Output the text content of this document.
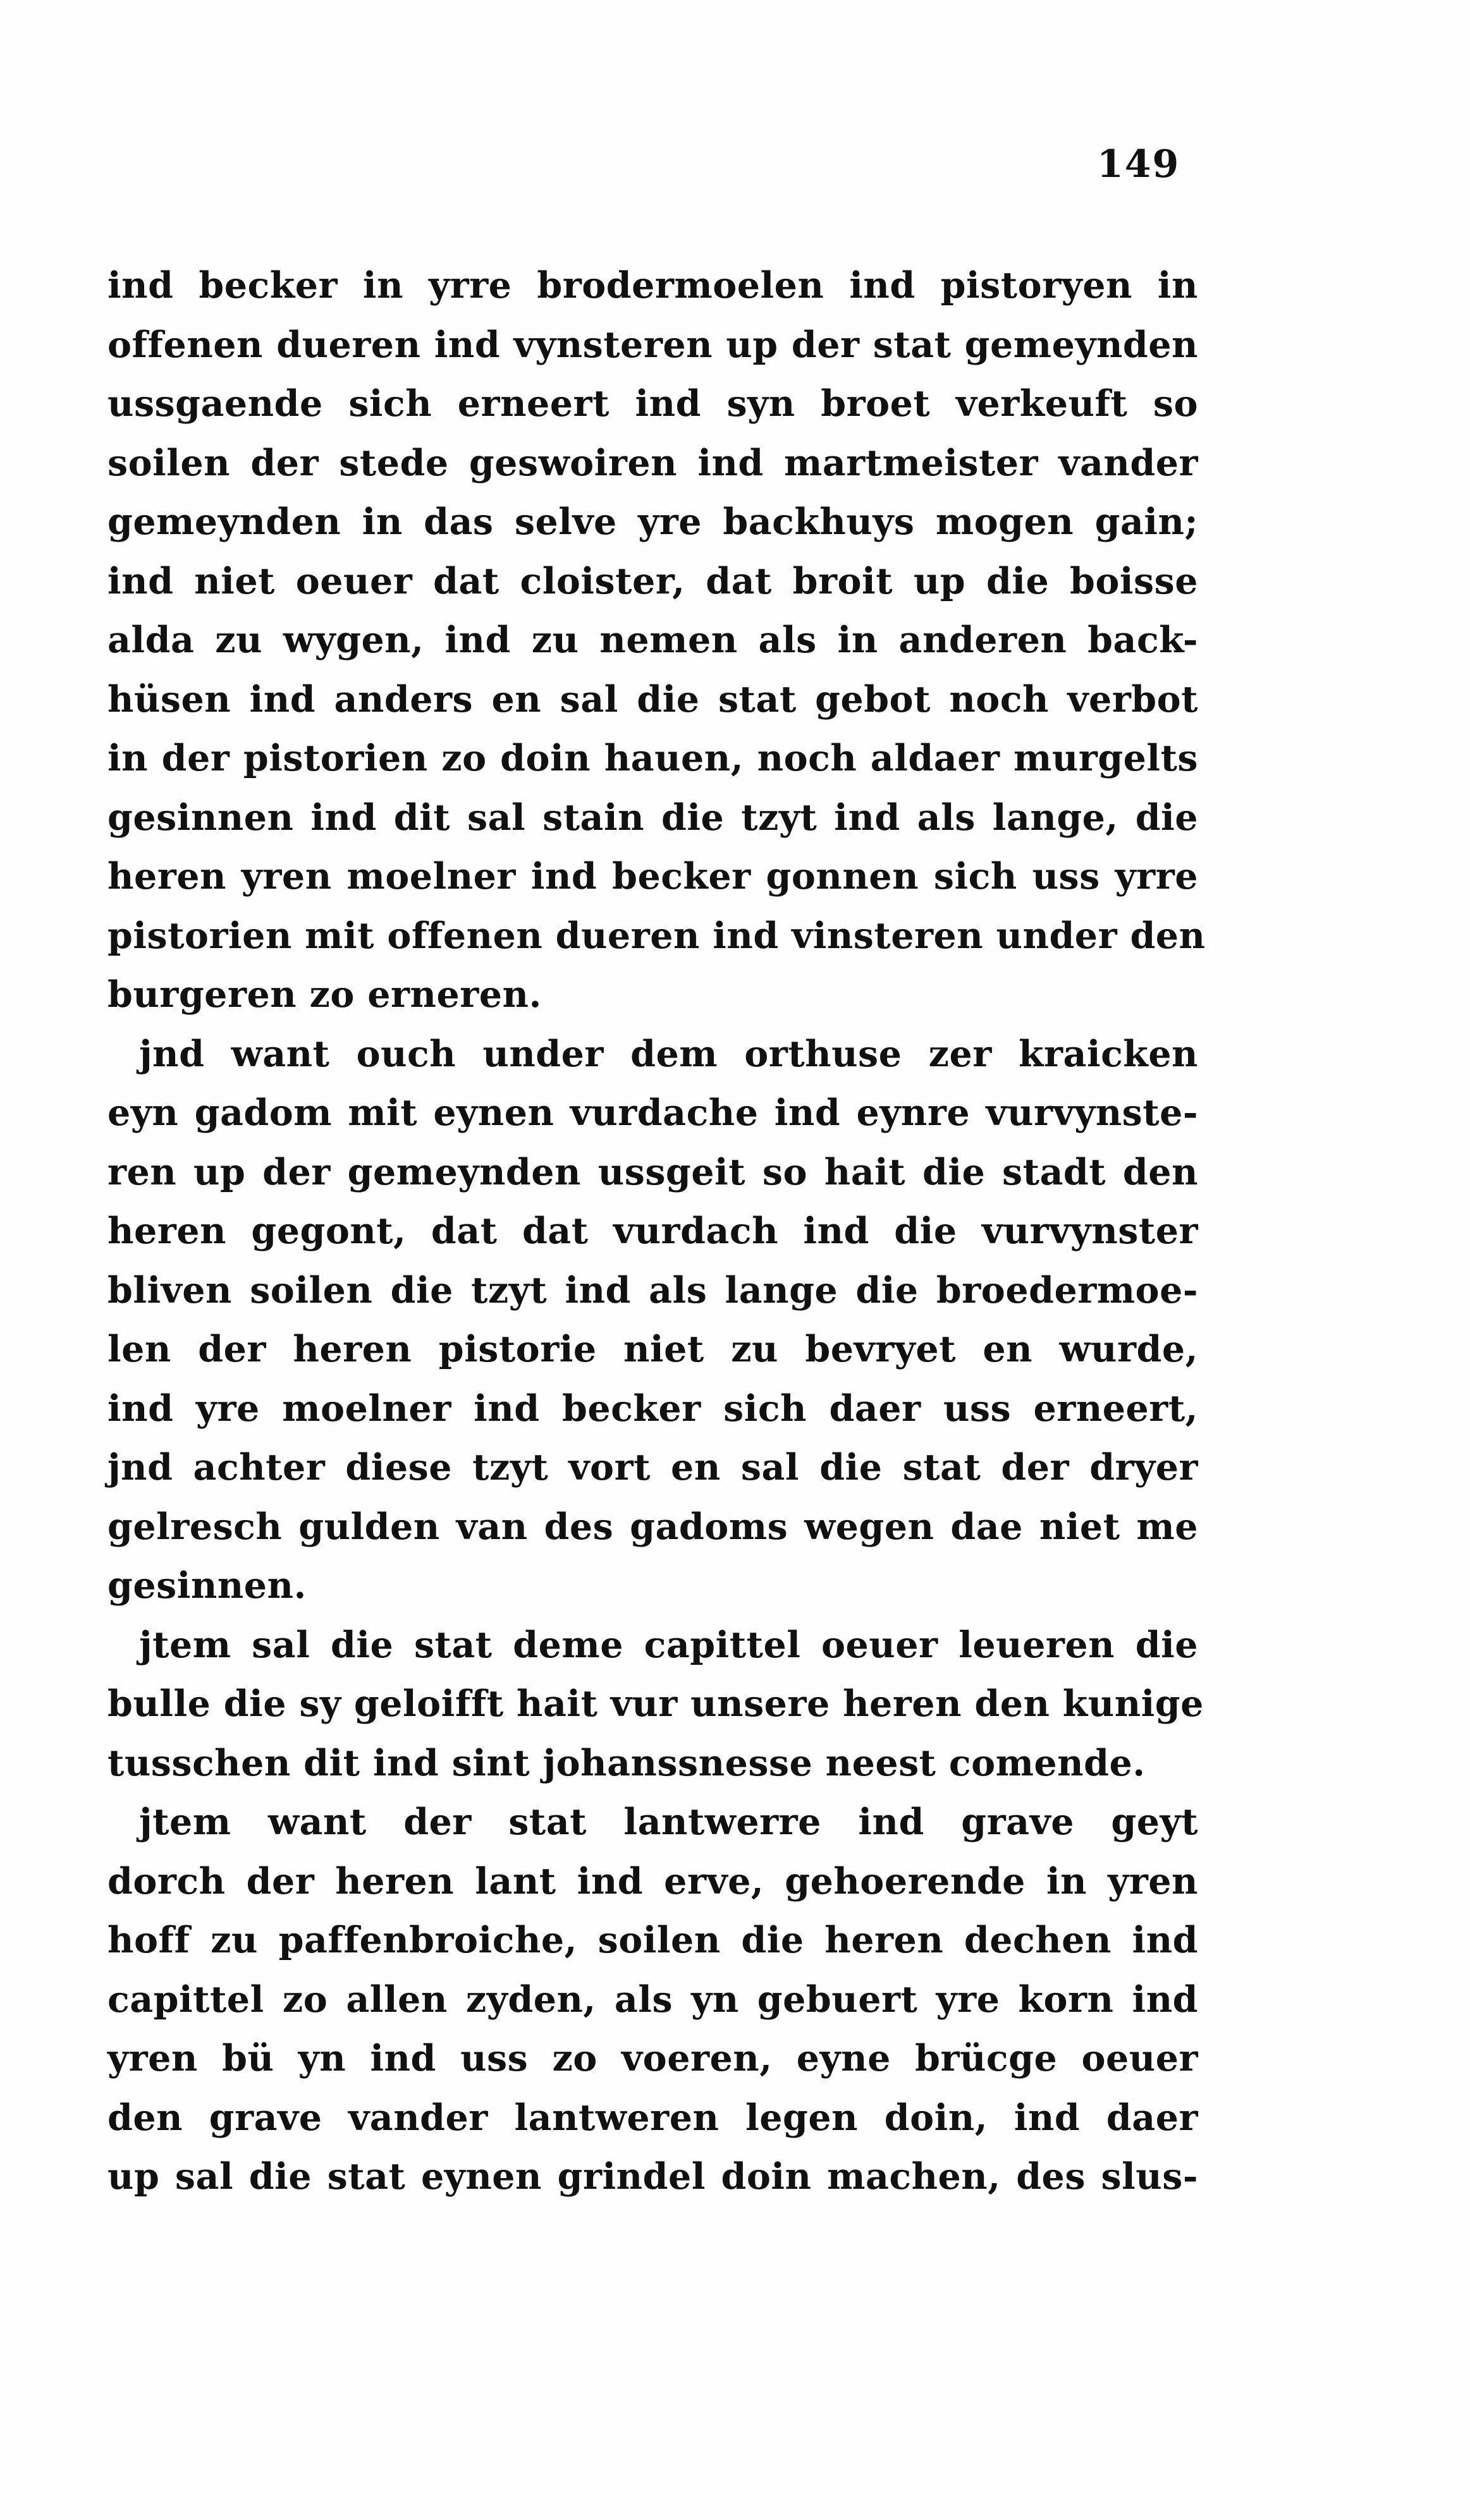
149
ind becker in yrre brodermoelen ind pistoryen in
offenen dueren ind vynsteren up der stat gemeynden
ussgaende sich erneert ind syn broet verkeuft so
soilen der stede geswoiren ind martmeister vander
gemeynden in das selve yre backhuys mogen gain;
ind niet oeuer dat cloister, dat broit up die boisse
alda zu wygen, ind zu nemen als in anderen back-
hüsen ind anders en sal die stat gebot noch verbot
in der pistorien zo doin hauen, noch aldaer murgelts
gesinnen ind dit sal stain die tzyt ind als lange, die
heren yren moelner ind becker gonnen sich uss yrre
pistorien mit offenen dueren ind vinsteren under den
burgeren zo erneren.
jnd want ouch under dem orthuse zer kraicken
eyn gadom mit eynen vurdache ind eynre vurvynste-
ren up der gemeynden ussgeit so hait die stadt den
heren gegont, dat dat vurdach ind die vurvynster
bliven soilen die tzyt ind als lange die broedermoe-
len der heren pistorie niet zu bevryet en wurde,
ind yre moelner ind becker sich daer uss erneert,
jnd achter diese tzyt vort en sal die stat der dryer
gelresch gulden van des gadoms wegen dae niet me
gesinnen.
jtem sal die stat deme capittel oeuer leueren die
bulle die sy geloifft hait vur unsere heren den kunige
tusschen dit ind sint johanssnesse neest comende.
jtem want der stat lantwerre ind grave geyt
dorch der heren lant ind erve, gehoerende in yren
hoff zu paffenbroiche, soilen die heren dechen ind
capittel zo allen zyden, als yn gebuert yre korn ind
yren bü yn ind uss zo voeren, eyne brücge oeuer
den grave vander lantweren legen doin, ind daer
up sal die stat eynen grindel doin machen, des slus-
